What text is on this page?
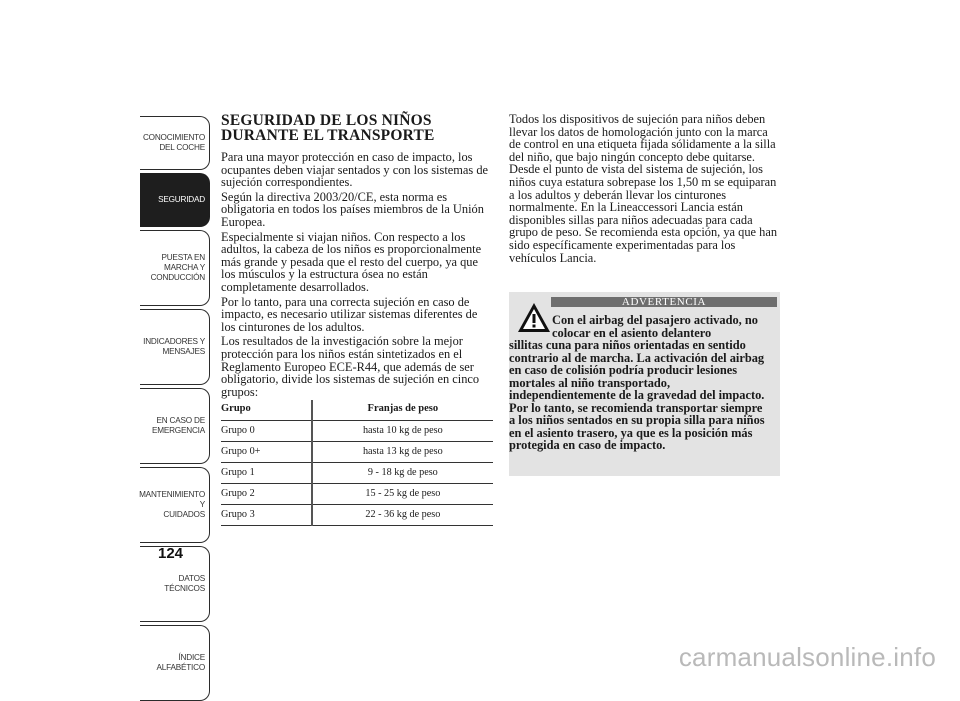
CONOCIMIENTO
DEL COCHE
SEGURIDAD
PUESTA EN
MARCHA Y
CONDUCCIÓN
INDICADORES Y
MENSAJES
EN CASO DE
EMERGENCIA
MANTENIMIENTO Y
CUIDADOS
DATOS TÉCNICOS
ÍNDICE
ALFABÉTICO
124
SEGURIDAD DE LOS NIÑOS
DURANTE EL TRANSPORTE

Para una mayor protección en caso de impacto, los ocupantes deben viajar sentados y con los sistemas de sujeción correspondientes.

Según la directiva 2003/20/CE, esta norma es obligatoria en todos los países miembros de la Unión Europea.

Especialmente si viajan niños. Con respecto a los adultos, la cabeza de los niños es proporcionalmente más grande y pesada que el resto del cuerpo, ya que los músculos y la estructura ósea no están completamente desarrollados.

Por lo tanto, para una correcta sujeción en caso de impacto, es necesario utilizar sistemas diferentes de los cinturones de los adultos.

Los resultados de la investigación sobre la mejor protección para los niños están sintetizados en el Reglamento Europeo ECE-R44, que además de ser obligatorio, divide los sistemas de sujeción en cinco grupos:

Grupo	Franjas de peso
Grupo 0	hasta 10 kg de peso
Grupo 0+	hasta 13 kg de peso
Grupo 1	9 - 18 kg de peso
Grupo 2	15 - 25 kg de peso
Grupo 3	22 - 36 kg de peso

Todos los dispositivos de sujeción para niños deben llevar los datos de homologación junto con la marca de control en una etiqueta fijada sólidamente a la silla del niño, que bajo ningún concepto debe quitarse. Desde el punto de vista del sistema de sujeción, los niños cuya estatura sobrepase los 1,50 m se equiparan a los adultos y deberán llevar los cinturones normalmente. En la Lineaccessori Lancia están disponibles sillas para niños adecuadas para cada grupo de peso. Se recomienda esta opción, ya que han sido específicamente experimentadas para los vehículos Lancia.

ADVERTENCIA
Con el airbag del pasajero activado, no colocar en el asiento delantero
sillitas cuna para niños orientadas en sentido contrario al de marcha. La activación del airbag en caso de colisión podría producir lesiones mortales al niño transportado, independientemente de la gravedad del impacto. Por lo tanto, se recomienda transportar siempre a los niños sentados en su propia silla para niños en el asiento trasero, ya que es la posición más protegida en caso de impacto.
carmanualsonline.info
